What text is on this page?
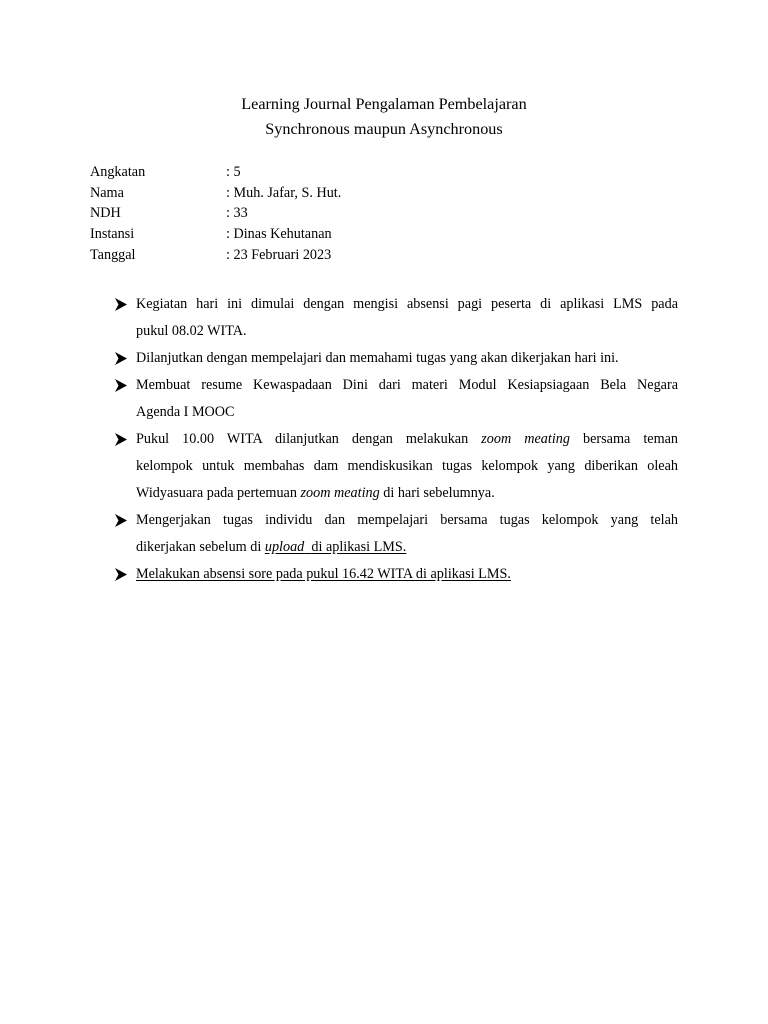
Learning Journal Pengalaman Pembelajaran
Synchronous maupun Asynchronous
Angkatan	: 5
Nama	: Muh. Jafar, S. Hut.
NDH	: 33
Instansi	: Dinas Kehutanan
Tanggal	: 23 Februari 2023
Kegiatan hari ini dimulai dengan mengisi absensi pagi peserta di aplikasi LMS pada
pukul 08.02 WITA.
Dilanjutkan dengan mempelajari dan memahami tugas yang akan dikerjakan hari ini.
Membuat resume Kewaspadaan Dini dari materi Modul Kesiapsiagaan Bela Negara
Agenda I MOOC
Pukul 10.00 WITA dilanjutkan dengan melakukan zoom meating bersama teman
kelompok untuk membahas dam mendiskusikan tugas kelompok yang diberikan oleah
Widyasuara pada pertemuan zoom meating di hari sebelumnya.
Mengerjakan tugas individu dan mempelajari bersama tugas kelompok yang telah
dikerjakan sebelum di upload di aplikasi LMS.
Melakukan absensi sore pada pukul 16.42 WITA di aplikasi LMS.
